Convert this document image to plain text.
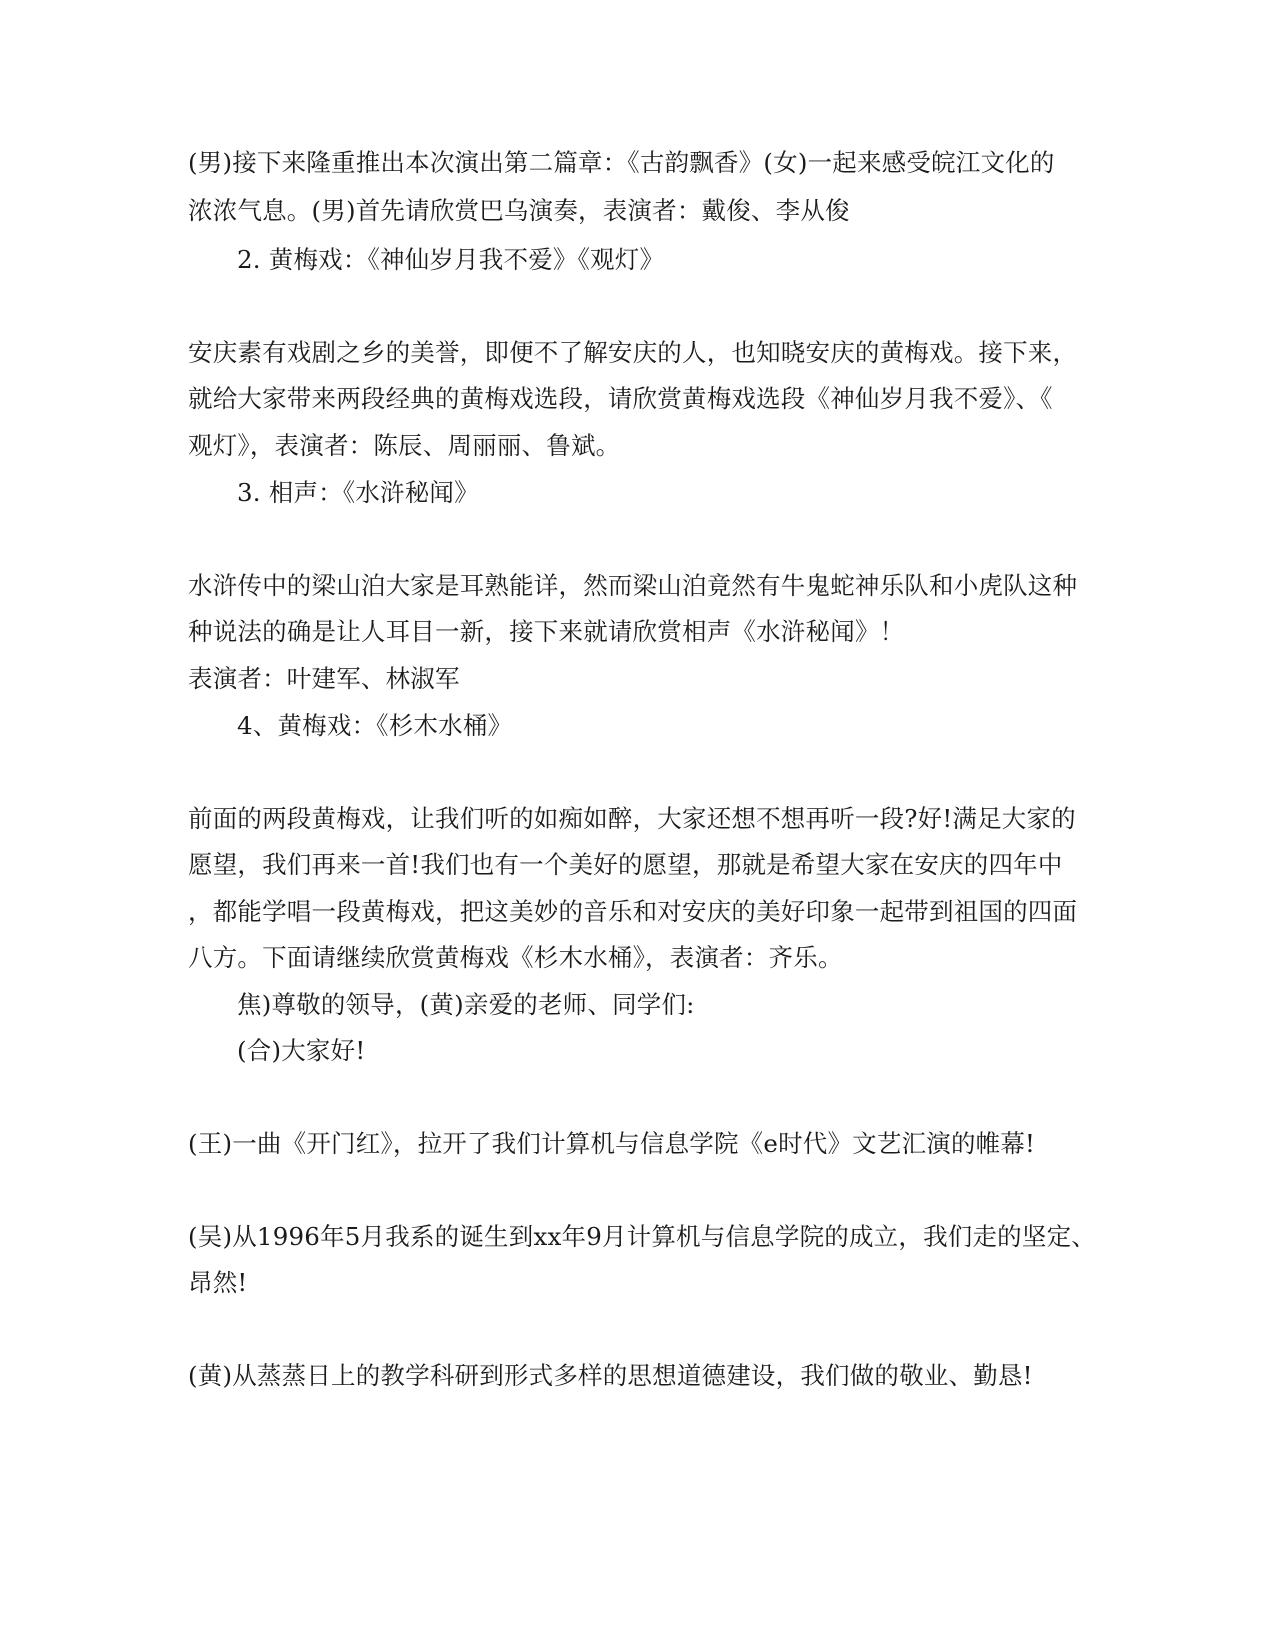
(男)接下来隆重推出本次演出第二篇章：《古韵飘香》(女)一起来感受皖江文化的
浓浓气息。(男)首先请欣赏巴乌演奏，表演者：戴俊、李从俊
2. 黄梅戏：《神仙岁月我不爱》《观灯》
安庆素有戏剧之乡的美誉，即便不了解安庆的人，也知晓安庆的黄梅戏。接下来，
就给大家带来两段经典的黄梅戏选段，请欣赏黄梅戏选段《神仙岁月我不爱》、《
观灯》，表演者：陈辰、周丽丽、鲁斌。
3. 相声：《水浒秘闻》
水浒传中的梁山泊大家是耳熟能详，然而梁山泊竟然有牛鬼蛇神乐队和小虎队这种
种说法的确是让人耳目一新，接下来就请欣赏相声《水浒秘闻》！
表演者：叶建军、林淑军
4、黄梅戏：《杉木水桶》
前面的两段黄梅戏，让我们听的如痴如醉，大家还想不想再听一段?好!满足大家的
愿望，我们再来一首!我们也有一个美好的愿望，那就是希望大家在安庆的四年中
，都能学唱一段黄梅戏，把这美妙的音乐和对安庆的美好印象一起带到祖国的四面
八方。下面请继续欣赏黄梅戏《杉木水桶》，表演者：齐乐。
焦)尊敬的领导，(黄)亲爱的老师、同学们:
(合)大家好!
(王)一曲《开门红》，拉开了我们计算机与信息学院《e时代》文艺汇演的帷幕!
(吴)从1996年5月我系的诞生到xx年9月计算机与信息学院的成立，我们走的坚定、
昂然!
(黄)从蒸蒸日上的教学科研到形式多样的思想道德建设，我们做的敬业、勤恳!
